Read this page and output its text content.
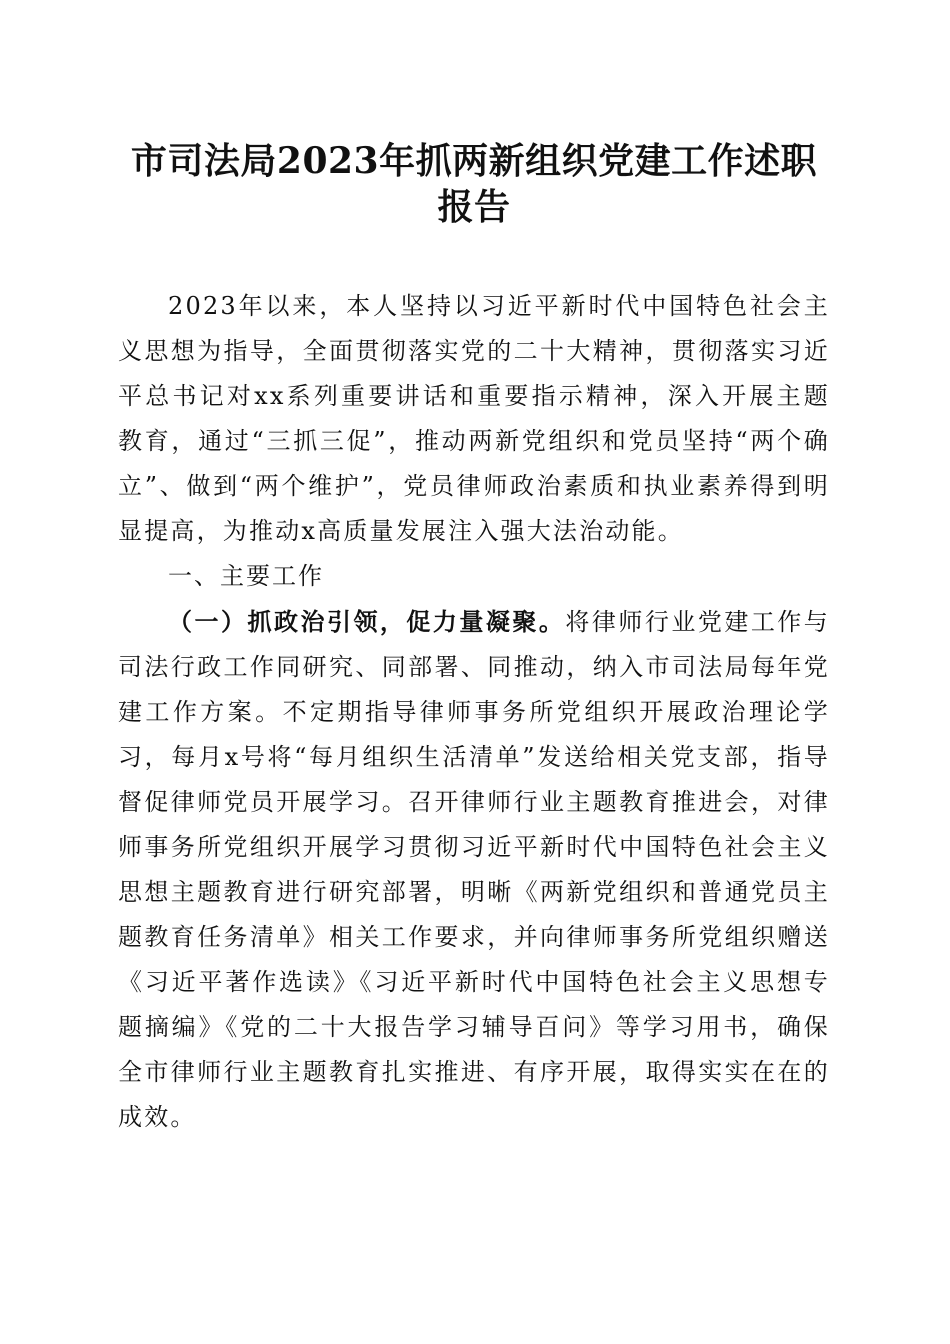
市司法局2023年抓两新组织党建工作述职报告

2023年以来，本人坚持以习近平新时代中国特色社会主义思想为指导，全面贯彻落实党的二十大精神，贯彻落实习近平总书记对xx系列重要讲话和重要指示精神，深入开展主题教育，通过“三抓三促”，推动两新党组织和党员坚持“两个确立”、做到“两个维护”，党员律师政治素质和执业素养得到明显提高，为推动x高质量发展注入强大法治动能。

一、主要工作

（一）抓政治引领，促力量凝聚。将律师行业党建工作与司法行政工作同研究、同部署、同推动，纳入市司法局每年党建工作方案。不定期指导律师事务所党组织开展政治理论学习，每月x号将“每月组织生活清单”发送给相关党支部，指导督促律师党员开展学习。召开律师行业主题教育推进会，对律师事务所党组织开展学习贯彻习近平新时代中国特色社会主义思想主题教育进行研究部署，明晰《两新党组织和普通党员主题教育任务清单》相关工作要求，并向律师事务所党组织赠送《习近平著作选读》《习近平新时代中国特色社会主义思想专题摘编》《党的二十大报告学习辅导百问》等学习用书，确保全市律师行业主题教育扎实推进、有序开展，取得实实在在的成效。
